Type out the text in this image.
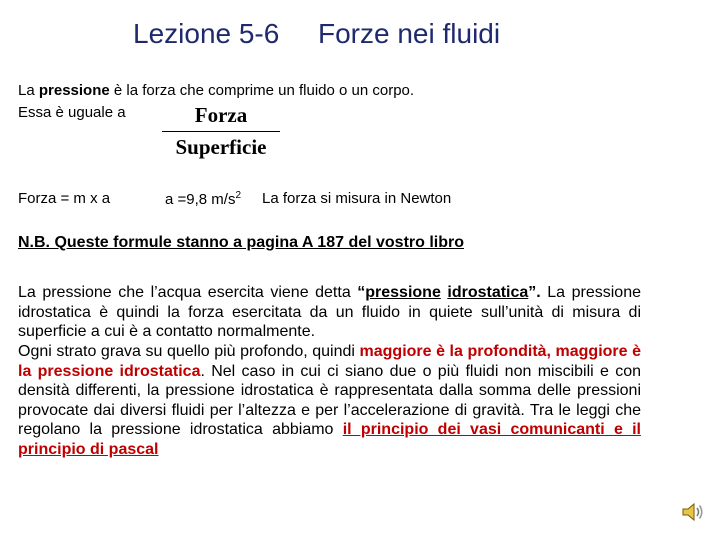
Lezione 5-6 Forze nei fluidi
La pressione è la forza che comprime un fluido o un corpo.
Essa è uguale a	Forza
Superficie
Forza = m x a	a =9,8 $m/s^2$ La forza si misura in Newton
N.B. Queste formule stanno a pagina A 187 del vostro libro
La pressione che l’acqua esercita viene detta “pressione idrostatica”. La pressione idrostatica è quindi la forza esercitata da un fluido in quiete sull’unità di misura di superficie a cui è a contatto normalmente.
Ogni strato grava su quello più profondo, quindi maggiore è la profondità, maggiore è la pressione idrostatica. Nel caso in cui ci siano due o più fluidi non miscibili e con densità differenti, la pressione idrostatica è rappresentata dalla somma delle pressioni provocate dai diversi fluidi per l’altezza e per l’accelerazione di gravità. Tra le leggi che regolano la pressione idrostatica abbiamo il principio dei vasi comunicanti e il principio di pascal
